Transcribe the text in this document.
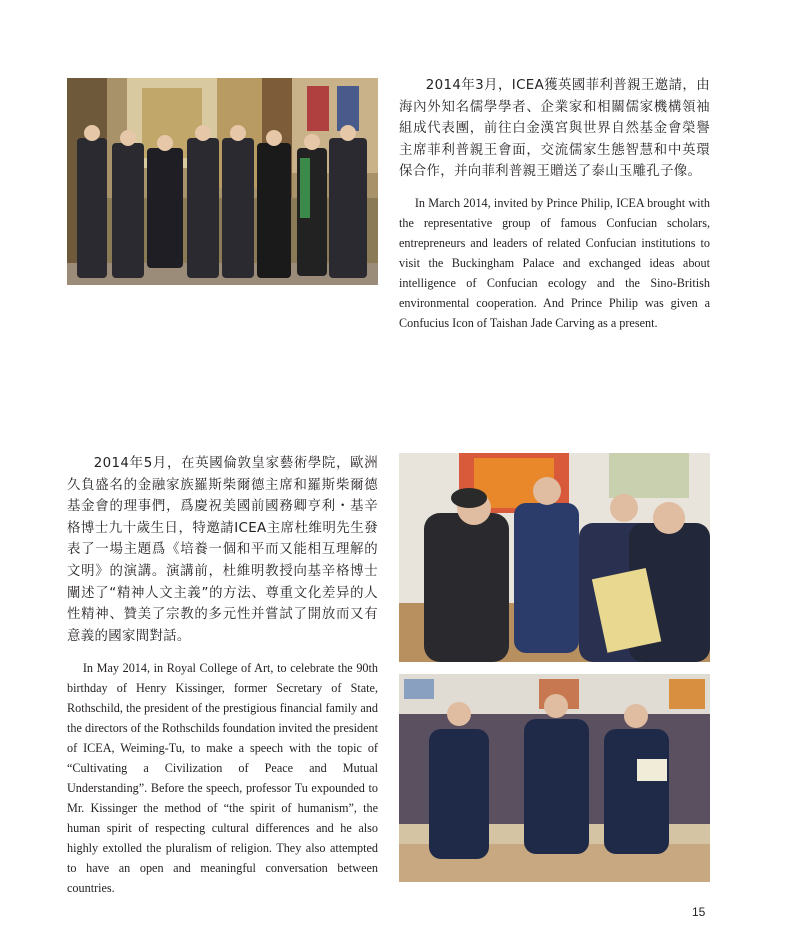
2014年3月，ICEA獲英國菲利普親王邀請，由海內外知名儒學學者、企業家和相關儒家機構領袖組成代表團，前往白金漢宮與世界自然基金會榮譽主席菲利普親王會面，交流儒家生態智慧和中英環保合作，并向菲利普親王贈送了泰山玉雕孔子像。

In March 2014, invited by Prince Philip, ICEA brought with the representative group of famous Confucian scholars, entrepreneurs and leaders of related Confucian institutions to visit the Buckingham Palace and exchanged ideas about intelligence of Confucian ecology and the Sino-British environmental cooperation. And Prince Philip was given a Confucius Icon of Taishan Jade Carving as a present.

2014年5月，在英國倫敦皇家藝術學院，歐洲久負盛名的金融家族羅斯柴爾德主席和羅斯柴爾德基金會的理事們，爲慶祝美國前國務卿亨利・基辛格博士九十歲生日，特邀請ICEA主席杜维明先生發表了一場主題爲《培養一個和平而又能相互理解的文明》的演講。演講前，杜維明教授向基辛格博士闡述了“精神人文主義”的方法、尊重文化差异的人性精神、贊美了宗教的多元性并嘗試了開放而又有意義的國家間對話。

In May 2014, in Royal College of Art, to celebrate the 90th birthday of Henry Kissinger, former Secretary of State, Rothschild, the president of the prestigious financial family and the directors of the Rothschilds foundation invited the president of ICEA, Weiming-Tu, to make a speech with the topic of “Cultivating a Civilization of Peace and Mutual Understanding”. Before the speech, professor Tu expounded to Mr. Kissinger the method of “the spirit of humanism”, the human spirit of respecting cultural differences and he also highly extolled the pluralism of religion. They also attempted to have an open and meaningful conversation between countries.

15
